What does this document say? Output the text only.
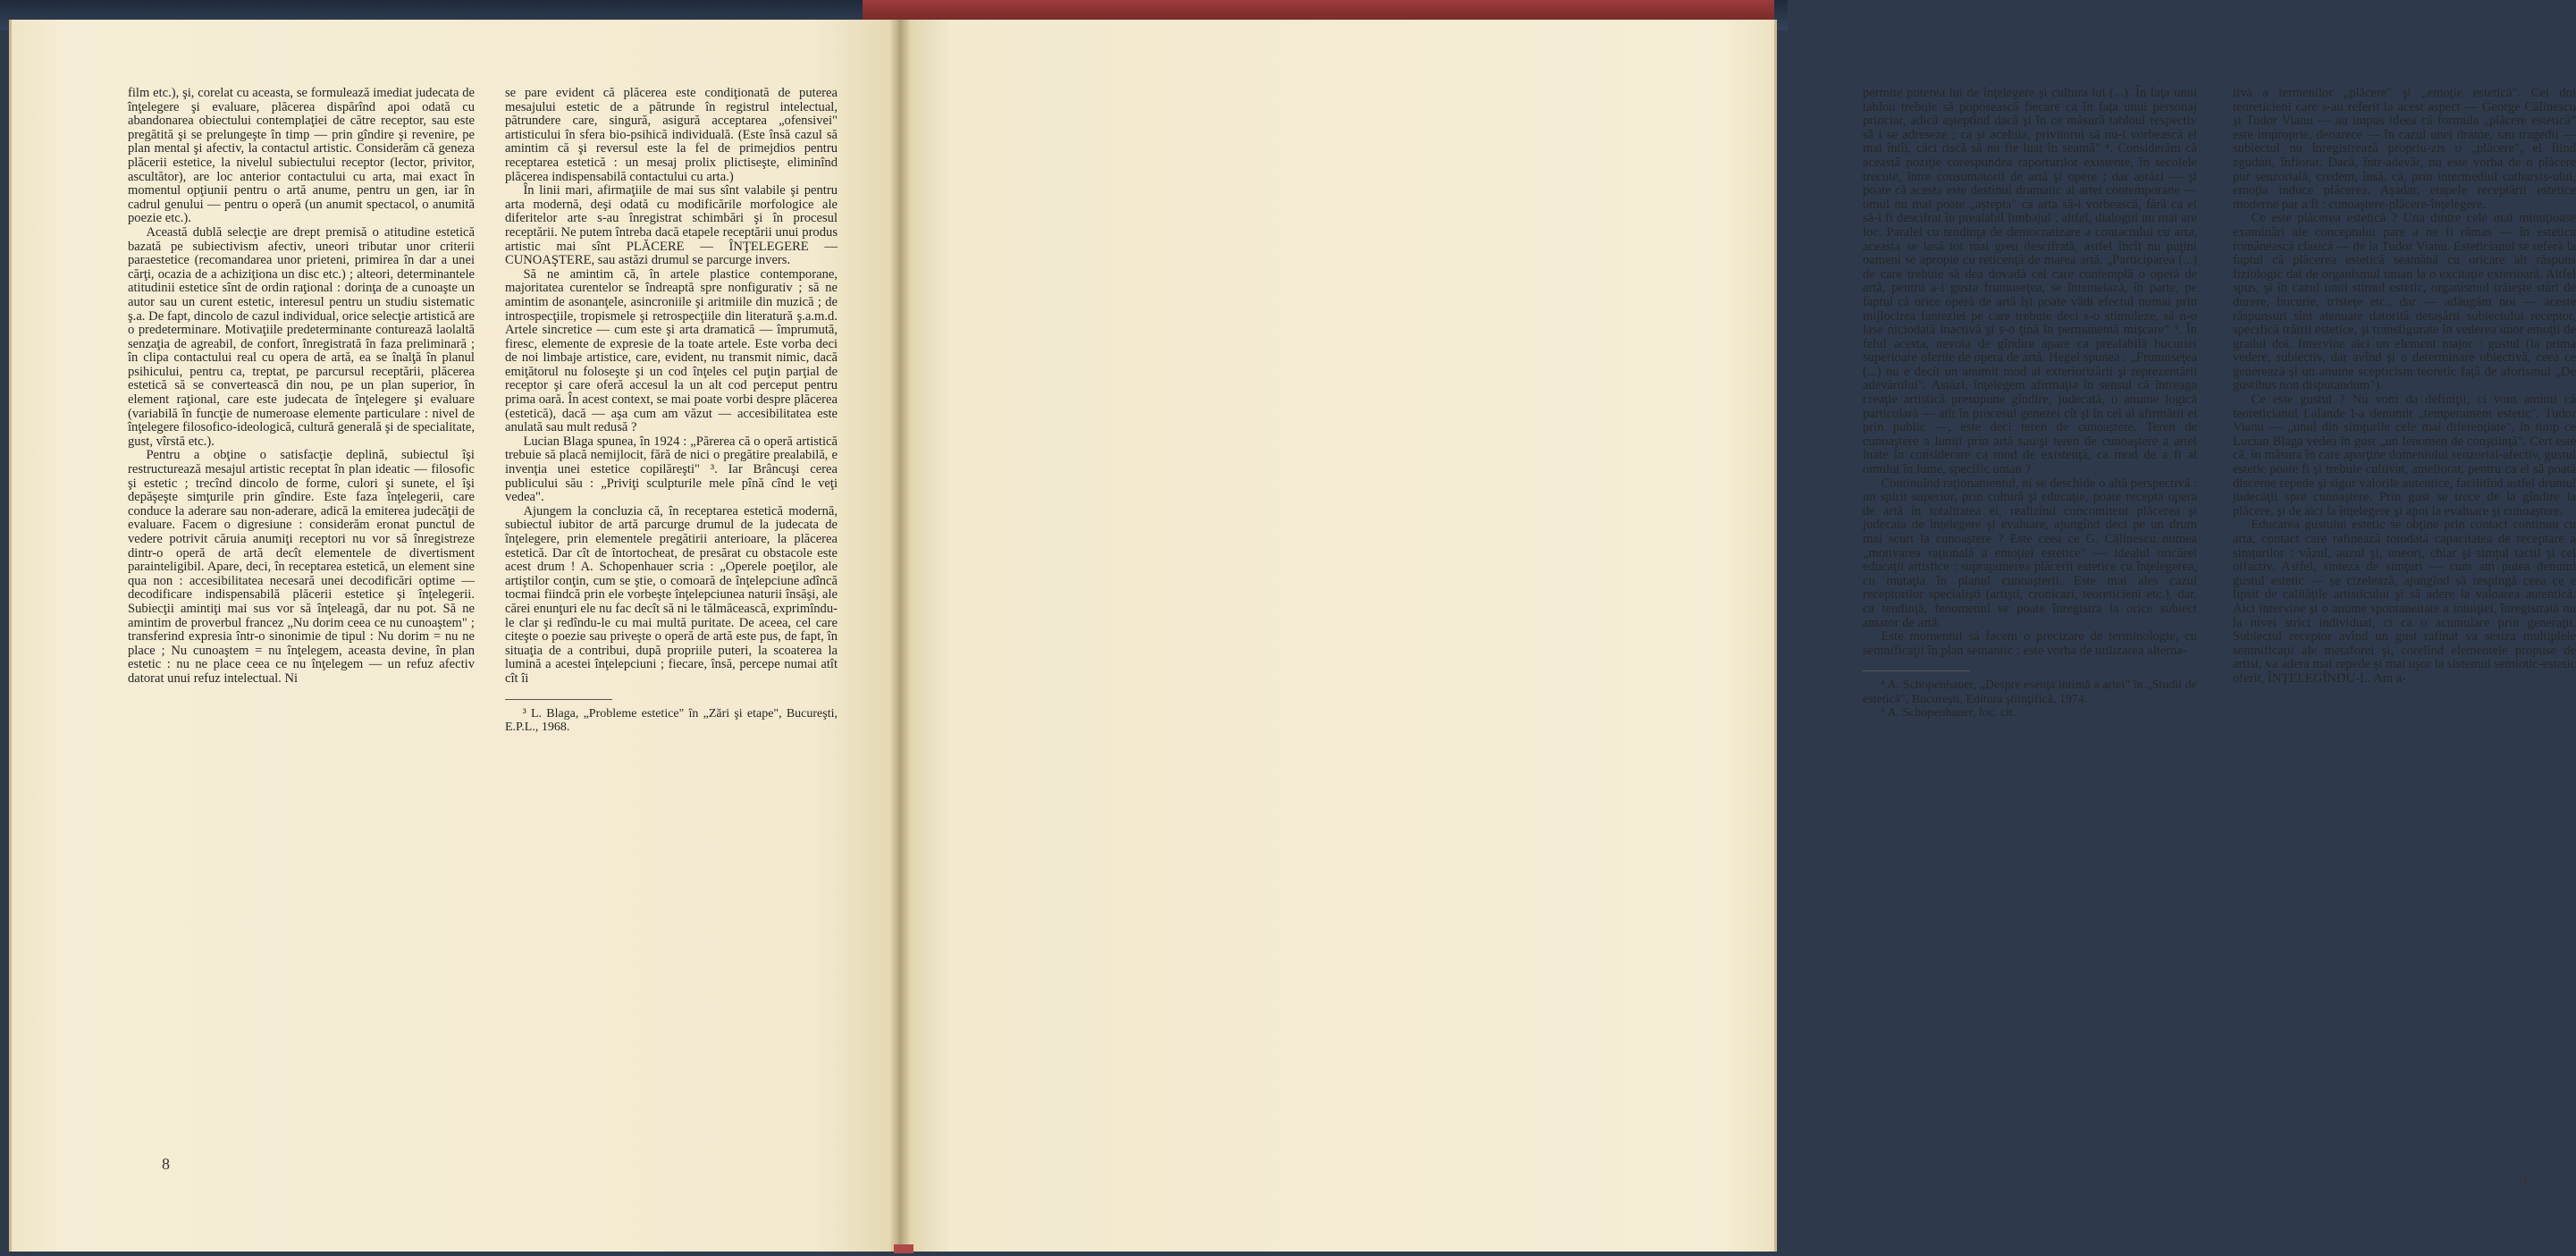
film etc.), şi, corelat cu aceasta, se formulează imediat judecata de înţelegere şi evaluare, plăcerea dispărînd apoi odată cu abandonarea obiectului contemplaţiei de către receptor, sau este pregătită şi se prelungeşte în timp — prin gîndire şi revenire, pe plan mental şi afectiv, la contactul artistic. Considerăm că geneza plăcerii estetice, la nivelul subiectului receptor (lector, privitor, ascultător), are loc anterior contactului cu arta, mai exact în momentul opţiunii pentru o artă anume, pentru un gen, iar în cadrul genului — pentru o operă (un anumit spectacol, o anumită poezie etc.).

Această dublă selecţie are drept premisă o atitudine estetică bazată pe subiectivism afectiv, uneori tributar unor criterii paraestetice (recomandarea unor prieteni, primirea în dar a unei cărţi, ocazia de a achiziţiona un disc etc.) ; alteori, determinantele atitudinii estetice sînt de ordin raţional : dorinţa de a cunoaşte un autor sau un curent estetic, interesul pentru un studiu sistematic ş.a. De fapt, dincolo de cazul individual, orice selecţie artistică are o predeterminare. Motivaţiile predeterminante conturează laolaltă senzaţia de agreabil, de confort, înregistrată în faza preliminară ; în clipa contactului real cu opera de artă, ea se înalţă în planul psihicului, pentru ca, treptat, pe parcursul receptării, plăcerea estetică să se convertească din nou, pe un plan superior, în element raţional, care este judecata de înţelegere şi evaluare (variabilă în funcţie de numeroase elemente particulare : nivel de înţelegere filosofico-ideologică, cultură generală şi de specialitate, gust, vîrstă etc.).

Pentru a obţine o satisfacţie deplină, subiectul îşi restructurează mesajul artistic receptat în plan ideatic — filosofic şi estetic ; trecînd dincolo de forme, culori şi sunete, el îşi depăşeşte simţurile prin gîndire. Este faza înţelegerii, care conduce la aderare sau non-aderare, adică la emiterea judecăţii de evaluare. Facem o digresiune : considerăm eronat punctul de vedere potrivit căruia anumiţi receptori nu vor să înregistreze dintr-o operă de artă decît elementele de divertisment parainteligibil. Apare, deci, în receptarea estetică, un element sine qua non : accesibilitatea necesară unei decodificări optime — decodificare indispensabilă plăcerii estetice şi înţelegerii. Subiecţii amintiţi mai sus vor să înţeleagă, dar nu pot. Să ne amintim de proverbul francez „Nu dorim ceea ce nu cunoaştem" ; transferind expresia într-o sinonimie de tipul : Nu dorim = nu ne place ; Nu cunoaştem = nu înţelegem, aceasta devine, în plan estetic : nu ne place ceea ce nu înţelegem — un refuz afectiv datorat unui refuz intelectual. Ni

se pare evident că plăcerea este condiţionată de puterea mesajului estetic de a pătrunde în registrul intelectual, pătrundere care, singură, asigură acceptarea „ofensivei" artisticului în sfera bio-psihică individuală. (Este însă cazul să amintim că şi reversul este la fel de primejdios pentru receptarea estetică : un mesaj prolix plictiseşte, eliminînd plăcerea indispensabilă contactului cu arta.)

În linii mari, afirmaţiile de mai sus sînt valabile şi pentru arta modernă, deşi odată cu modificările morfologice ale diferitelor arte s-au înregistrat schimbări şi în procesul receptării. Ne putem întreba dacă etapele receptării unui produs artistic mai sînt PLĂCERE — ÎNŢELEGERE — CUNOAŞTERE, sau astăzi drumul se parcurge invers.

Să ne amintim că, în artele plastice contemporane, majoritatea curentelor se îndreaptă spre nonfigurativ ; să ne amintim de asonanţele, asincroniile şi aritmiile din muzică ; de introspecţiile, tropismele şi retrospecţiile din literatură ş.a.m.d. Artele sincretice — cum este şi arta dramatică — împrumută, firesc, elemente de expresie de la toate artele. Este vorba deci de noi limbaje artistice, care, evident, nu transmit nimic, dacă emiţătorul nu foloseşte şi un cod înţeles cel puţin parţial de receptor şi care oferă accesul la un alt cod perceput pentru prima oară. În acest context, se mai poate vorbi despre plăcerea (estetică), dacă — aşa cum am văzut — accesibilitatea este anulată sau mult redusă ?

Lucian Blaga spunea, în 1924 : „Părerea că o operă artistică trebuie să placă nemijlocit, fără de nici o pregătire prealabilă, e invenţia unei estetice copilăreşti" ³. Iar Brâncuşi cerea publicului său : „Priviţi sculpturile mele pînă cînd le veţi vedea".

Ajungem la concluzia că, în receptarea estetică modernă, subiectul iubitor de artă parcurge drumul de la judecata de înţelegere, prin elementele pregătirii anterioare, la plăcerea estetică. Dar cît de întortocheat, de presărat cu obstacole este acest drum ! A. Schopenhauer scria : „Operele poeţilor, ale artiştilor conţin, cum se ştie, o comoară de înţelepciune adîncă tocmai fiindcă prin ele vorbeşte înţelepciunea naturii însăşi, ale cărei enunţuri ele nu fac decît să ni le tălmăcească, exprimîndu-le clar şi redîndu-le cu mai multă puritate. De aceea, cel care citeşte o poezie sau priveşte o operă de artă este pus, de fapt, în situaţia de a contribui, după propriile puteri, la scoaterea la lumină a acestei înţelepciuni ; fiecare, însă, percepe numai atît cît îi

³ L. Blaga, „Probleme estetice" în „Zări şi etape", Bucureşti, E.P.L., 1968.

8

permite puterea lui de înţelegere şi cultura lui (...). În faţa unui tablou trebuie să poposească fiecare ca în faţa unui personaj princiar, adică aşteptînd dacă şi în ce măsură tabloul respectiv să i se adreseze ; ca şi aceluia, privitorul să nu-i vorbească el mai întîi, căci riscă să nu fie luat în seamă" ⁴. Considerăm că această poziţie corespundea raporturilor existente, în secolele trecute, între consumatorii de artă şi opere ; dar astăzi — şi poate că acesta este destinul dramatic al artei contemporane — omul nu mai poate „aştepta" ca arta să-i vorbească, fără ca el să-i fi descifrat în prealabil limbajul ; altfel, dialogul nu mai are loc. Paralel cu tendinţa de democratizare a contactului cu arta, aceasta se lasă tot mai greu descifrată, astfel încît nu puţini oameni se apropie cu reticenţă de marea artă. „Participarea (...) de care trebuie să dea dovadă cel care contemplă o operă de artă, pentru a-i gusta frumuseţea, se întemeiază, în parte, pe faptul că orice operă de artă îşi poate vădi efectul numai prin mijlocirea fanteziei pe care trebuie deci s-o stimuleze, să n-o lase niciodată inactivă şi s-o ţină în permanentă mişcare" ⁵. În felul acesta, nevoia de gîndire apare ca prealabilă bucuriei superioare oferite de opera de artă. Hegel spunea : „Frumuseţea (...) nu e decît un anumit mod al exteriorizării şi reprezentării adevărului". Astăzi, înţelegem afirmaţia în sensul că întreaga creaţie artistică presupune gîndire, judecată, o anume logică particulară — atît în procesul genezei cît şi în cel al afirmării ei prin public —, este deci teren de cunoaştere. Teren de cunoaştere a lumii prin artă sau/şi teren de cunoaştere a artei luate în considerare ca mod de existenţă, ca mod de a fi al omului în lume, specific uman ?

Continuînd raţionamentul, ni se deschide o altă perspectivă : un spirit superior, prin cultură şi educaţie, poate recepta opera de artă în totalitatea ei, realizînd concomitent plăcerea şi judecata de înţelegere şi evaluare, ajungînd deci pe un drum mai scurt la cunoaştere ? Este ceea ce G. Călinescu numea „motivarea raţională a emoţiei estetice" — idealul oricărei educaţii artistice : suprapunerea plăcerii estetice cu înţelegerea, cu mutaţia în planul cunoaşterii. Este mai ales cazul receptorilor specialişti (artişti, cronicari, teoreticieni etc.), dar, ca tendinţă, fenomenul se poate înregistra la orice subiect amator de artă.

Este momentul să facem o precizare de terminologie, cu semnificaţii în plan semantic : este vorba de utilizarea alterna-

⁴ A. Schopenhauer, „Despre esenţa intimă a artei" în „Studii de estetică", Bucureşti, Editura ştiinţifică, 1974.

⁵ A. Schopenhauer, loc. cit.

tivă a termenilor „plăcere" şi „emoţie estetică". Cei doi teoreticieni care s-au referit la acest aspect — George Călinescu şi Tudor Vianu — au impus ideea că formula „plăcere estetică" este improprie, deoarece — în cazul unei drame, sau tragedii — subiectul nu înregistrează propriu-zis o „plăcere", el fiind zguduit, înfiorat. Dacă, într-adevăr, nu este vorba de o plăcere pur senzorială, credem, însă, că, prin intermediul catharsis-ului, emoţia induce plăcerea. Aşadar, etapele receptării estetice moderne par a fi : cunoaştere-plăcere-înţelegere.

Ce este plăcerea estetică ? Una dintre cele mai minuţioase examinări ale conceptului pare a ne fi rămas — în estetica românească clasică — de la Tudor Vianu. Esteticianul se referă la faptul că plăcerea estetică seamănă cu oricare alt răspuns fiziologic dat de organismul uman la o excitaţie exterioară. Altfel spus, şi în cazul unui stimul estetic, organismul trăieşte stări de durere, bucurie, tristeţe etc., dar — adăugăm noi — aceste răspunsuri sînt atenuate datorită detaşării subiectului receptor, specifică trăirii estetice, şi transfigurate în vederea unor emoţii de gradul doi. Intervine aici un element major : gustul (la prima vedere, subiectiv, dar avînd şi o determinare obiectivă, ceea ce generează şi un anume scepticism teoretic faţă de aforismul „De gustibus non disputandum").

Ce este gustul ? Nu vom da definiţii, ci vom aminti că teoreticianul Lalande l-a denumit „temperament estetic". Tudor Vianu — „unul din simţurile cele mai diferenţiate", în timp ce Lucian Blaga vedea în gust „un fenomen de conştiinţă". Cert este că, în măsura în care aparţine domeniului senzorial-afectiv, gustul estetic poate fi şi trebuie cultivat, ameliorat, pentru ca el să poată discerne repede şi sigur valorile autentice, facilitînd astfel drumul judecăţii spre cunoaştere. Prin gust se trece de la gîndire la plăcere, şi de aici la înţelegere şi apoi la evaluare şi cunoaştere.

Educarea gustului estetic se obţine prin contact continuu cu arta, contact care rafinează totodată capacitatea de receptare a simţurilor : văzul, auzul şi, uneori, chiar şi simţul tactil şi cel olfactiv. Astfel, sinteza de simţuri — cum am putea denumi gustul estetic — se cizelează, ajungînd să respingă ceea ce e lipsit de calităţile artisticului şi să adere la valoarea autentică. Aici intervine şi o anume spontaneitate a intuiţiei, înregistrată nu la nivel strict individual, ci ca o acumulare prin generaţii. Subiectul receptor avînd un gust rafinat va sesiza multiplele semnificaţii ale metaforei şi, corelînd elementele propuse de artist, va adera mai repede şi mai uşor la sistemul semiotic-estetic oferit, ÎNŢELEGÎNDU-L. Am a-

9
